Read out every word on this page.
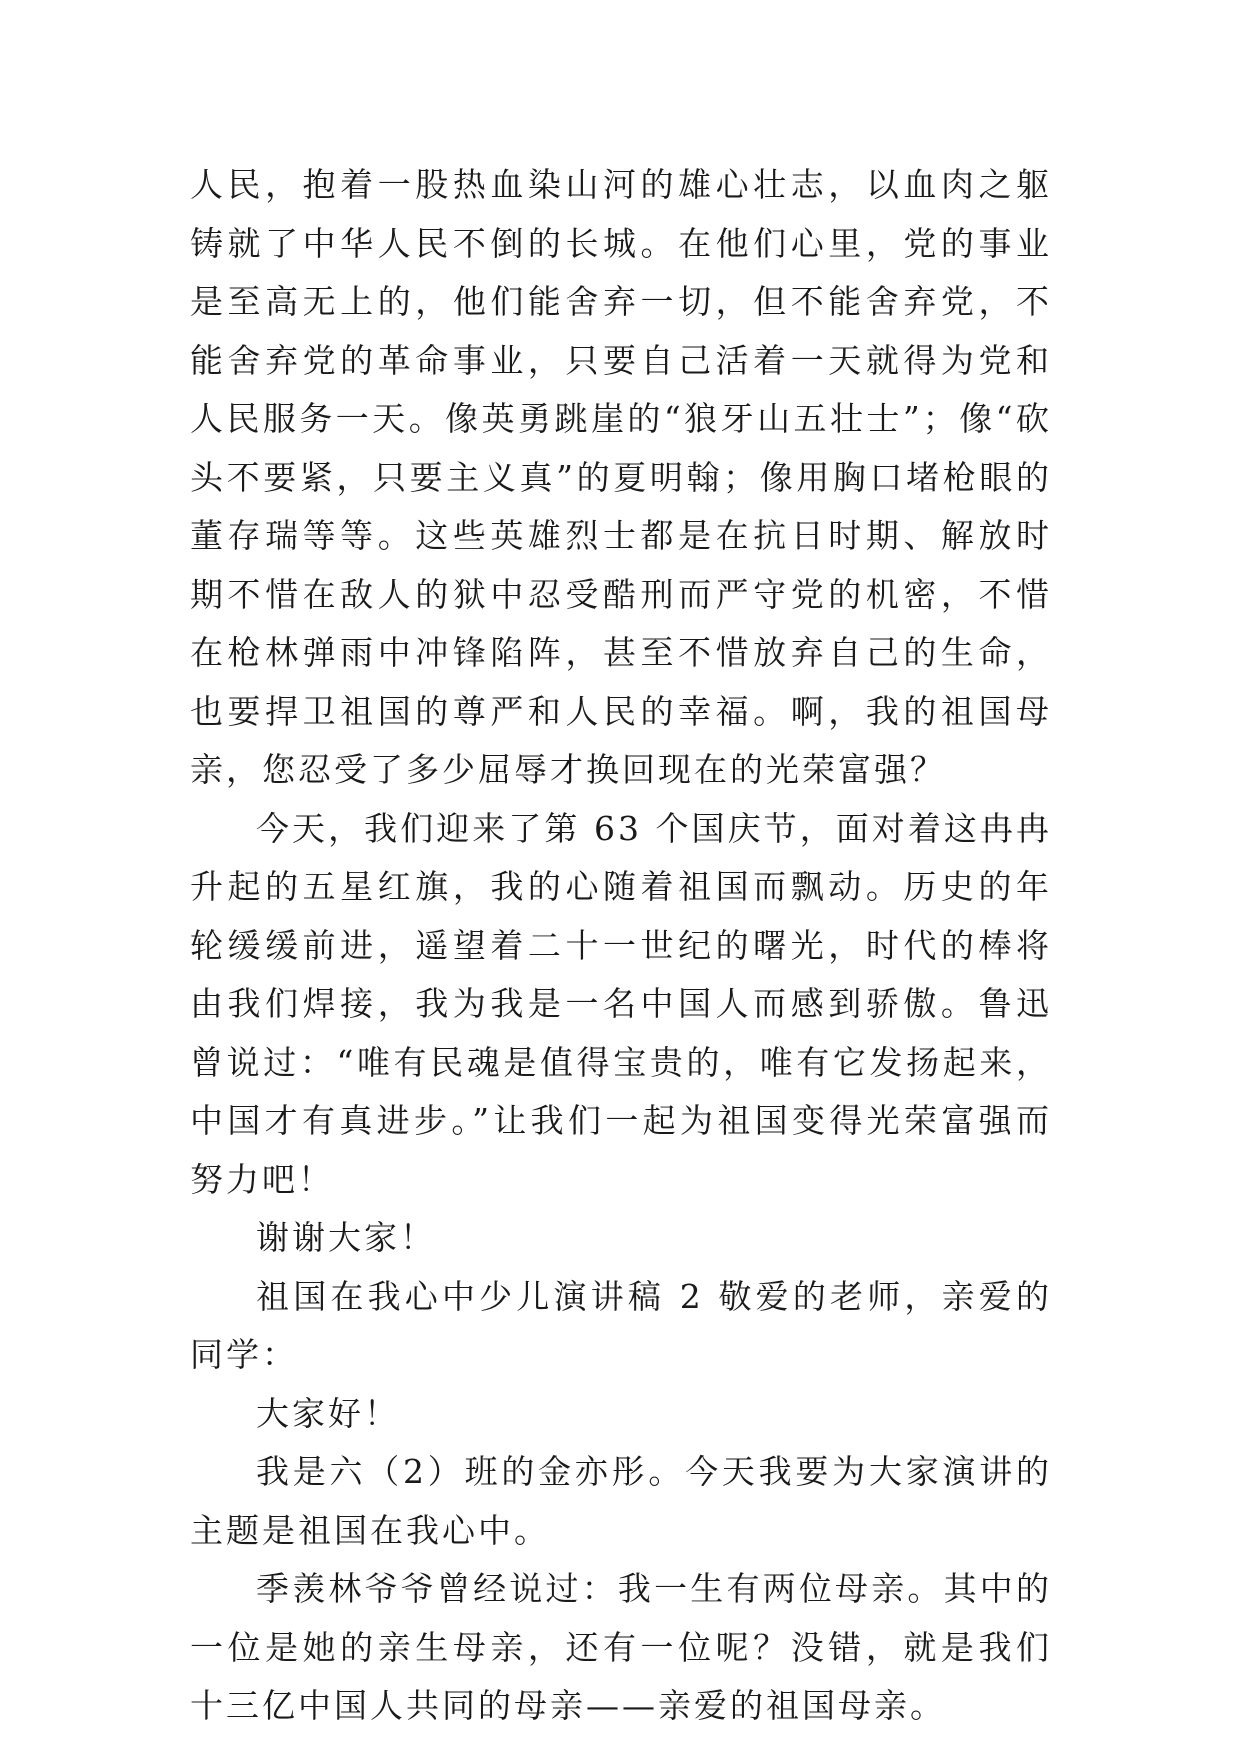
人民，抱着一股热血染山河的雄心壮志，以血肉之躯铸就了中华人民不倒的长城。在他们心里，党的事业是至高无上的，他们能舍弃一切，但不能舍弃党，不能舍弃党的革命事业，只要自己活着一天就得为党和人民服务一天。像英勇跳崖的“狼牙山五壮士”；像“砍头不要紧，只要主义真”的夏明翰；像用胸口堵枪眼的董存瑞等等。这些英雄烈士都是在抗日时期、解放时期不惜在敌人的狱中忍受酷刑而严守党的机密，不惜在枪林弹雨中冲锋陷阵，甚至不惜放弃自己的生命，也要捍卫祖国的尊严和人民的幸福。啊，我的祖国母亲，您忍受了多少屈辱才换回现在的光荣富强？

今天，我们迎来了第 63 个国庆节，面对着这冉冉升起的五星红旗，我的心随着祖国而飘动。历史的年轮缓缓前进，遥望着二十一世纪的曙光，时代的棒将由我们焊接，我为我是一名中国人而感到骄傲。鲁迅曾说过：“唯有民魂是值得宝贵的，唯有它发扬起来，中国才有真进步。”让我们一起为祖国变得光荣富强而努力吧！

谢谢大家！

祖国在我心中少儿演讲稿 2 敬爱的老师，亲爱的同学：

大家好！

我是六（2）班的金亦彤。今天我要为大家演讲的主题是祖国在我心中。

季羡林爷爷曾经说过：我一生有两位母亲。其中的一位是她的亲生母亲，还有一位呢？没错，就是我们十三亿中国人共同的母亲——亲爱的祖国母亲。
